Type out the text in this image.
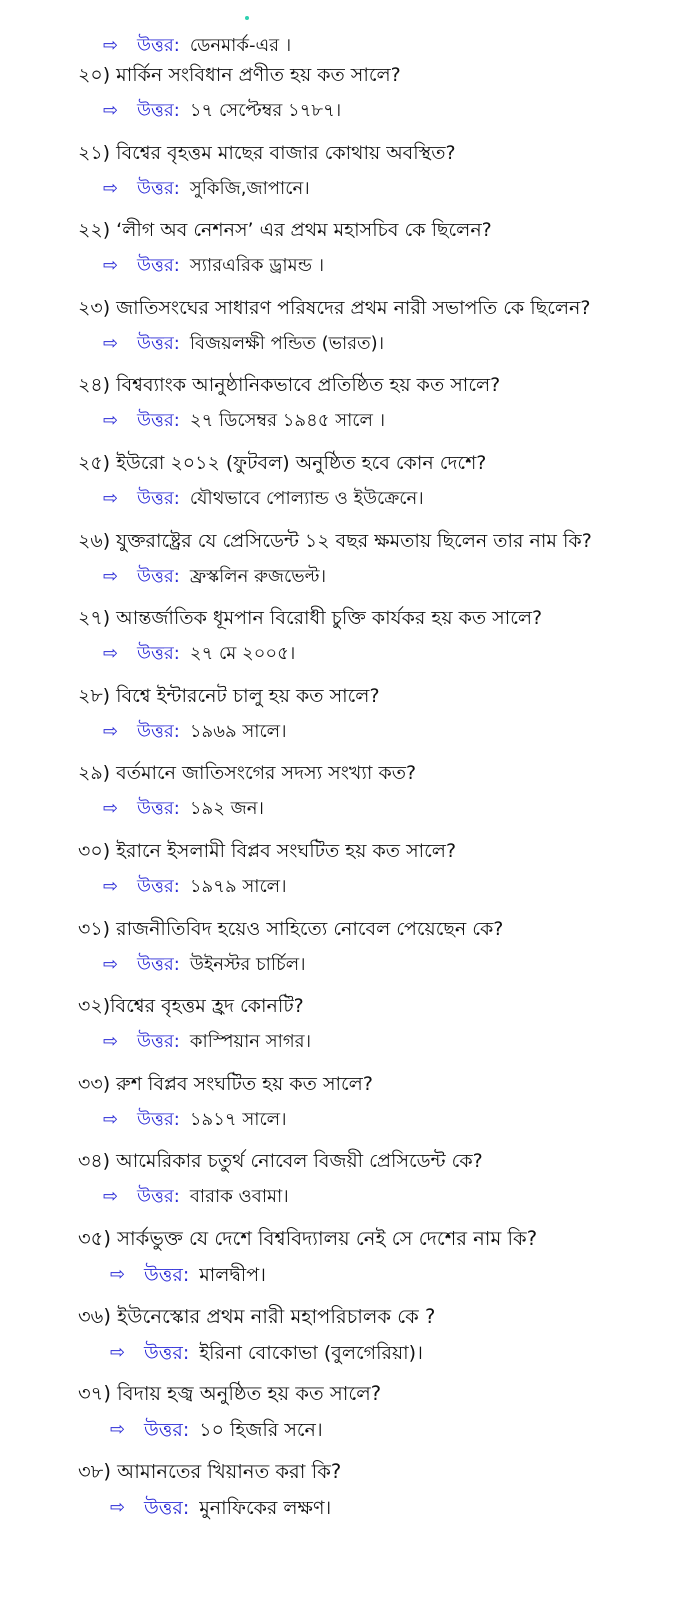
⇨	উত্তর: ডেনমার্ক-এর ।
২০) মার্কিন সংবিধান প্রণীত হয় কত সালে?
⇨	উত্তর: ১৭ সেপ্টেম্বর ১৭৮৭।
২১) বিশ্বের বৃহত্তম মাছের বাজার কোথায় অবস্থিত?
⇨	উত্তর: সুকিজি,জাপানে।
২২) ‘লীগ অব নেশনস’ এর প্রথম মহাসচিব কে ছিলেন?
⇨	উত্তর: স্যারএরিক ড্রামন্ড ।
২৩) জাতিসংঘের সাধারণ পরিষদের প্রথম নারী সভাপতি কে ছিলেন?
⇨	উত্তর: বিজয়লক্ষী পন্ডিত (ভারত)।
২৪) বিশ্বব্যাংক আনুষ্ঠানিকভাবে প্রতিষ্ঠিত হয় কত সালে?
⇨	উত্তর: ২৭ ডিসেম্বর ১৯৪৫ সালে ।
২৫) ইউরো ২০১২ (ফুটবল) অনুষ্ঠিত হবে কোন দেশে?
⇨	উত্তর: যৌথভাবে পোল্যান্ড ও ইউক্রেনে।
২৬) যুক্তরাষ্ট্রের যে প্রেসিডেন্ট ১২ বছর ক্ষমতায় ছিলেন তার নাম কি?
⇨	উত্তর: ফ্রস্কলিন রুজভেল্ট।
২৭) আন্তর্জাতিক ধূমপান বিরোধী চুক্তি কার্যকর হয় কত সালে?
⇨	উত্তর: ২৭ মে ২০০৫।
২৮) বিশ্বে ইন্টারনেট চালু হয় কত সালে?
⇨	উত্তর: ১৯৬৯ সালে।
২৯) বর্তমানে জাতিসংগের সদস্য সংখ্যা কত?
⇨	উত্তর: ১৯২ জন।
৩০) ইরানে ইসলামী বিপ্লব সংঘটিত হয় কত সালে?
⇨	উত্তর: ১৯৭৯ সালে।
৩১) রাজনীতিবিদ হয়েও সাহিত্যে নোবেল পেয়েছেন কে?
⇨	উত্তর: উইনস্টর চার্চিল।
৩২)বিশ্বের বৃহত্তম হ্রদ কোনটি?
⇨	উত্তর: কাস্পিয়ান সাগর।
৩৩) রুশ বিপ্লব সংঘটিত হয় কত সালে?
⇨	উত্তর: ১৯১৭ সালে।
৩৪) আমেরিকার চতুর্থ নোবেল বিজয়ী প্রেসিডেন্ট কে?
⇨	উত্তর: বারাক ওবামা।
৩৫) সার্কভুক্ত যে দেশে বিশ্ববিদ্যালয় নেই সে দেশের নাম কি?
⇨ উত্তর: মালদ্বীপ।
৩৬) ইউনেস্কোর প্রথম নারী মহাপরিচালক কে ?
⇨ উত্তর: ইরিনা বোকোভা (বুলগেরিয়া)।
৩৭) বিদায় হজ্ব অনুষ্ঠিত হয় কত সালে?
⇨ উত্তর: ১০ হিজরি সনে।
৩৮) আমানতের খিয়ানত করা কি?
⇨ উত্তর: মুনাফিকের লক্ষণ।
